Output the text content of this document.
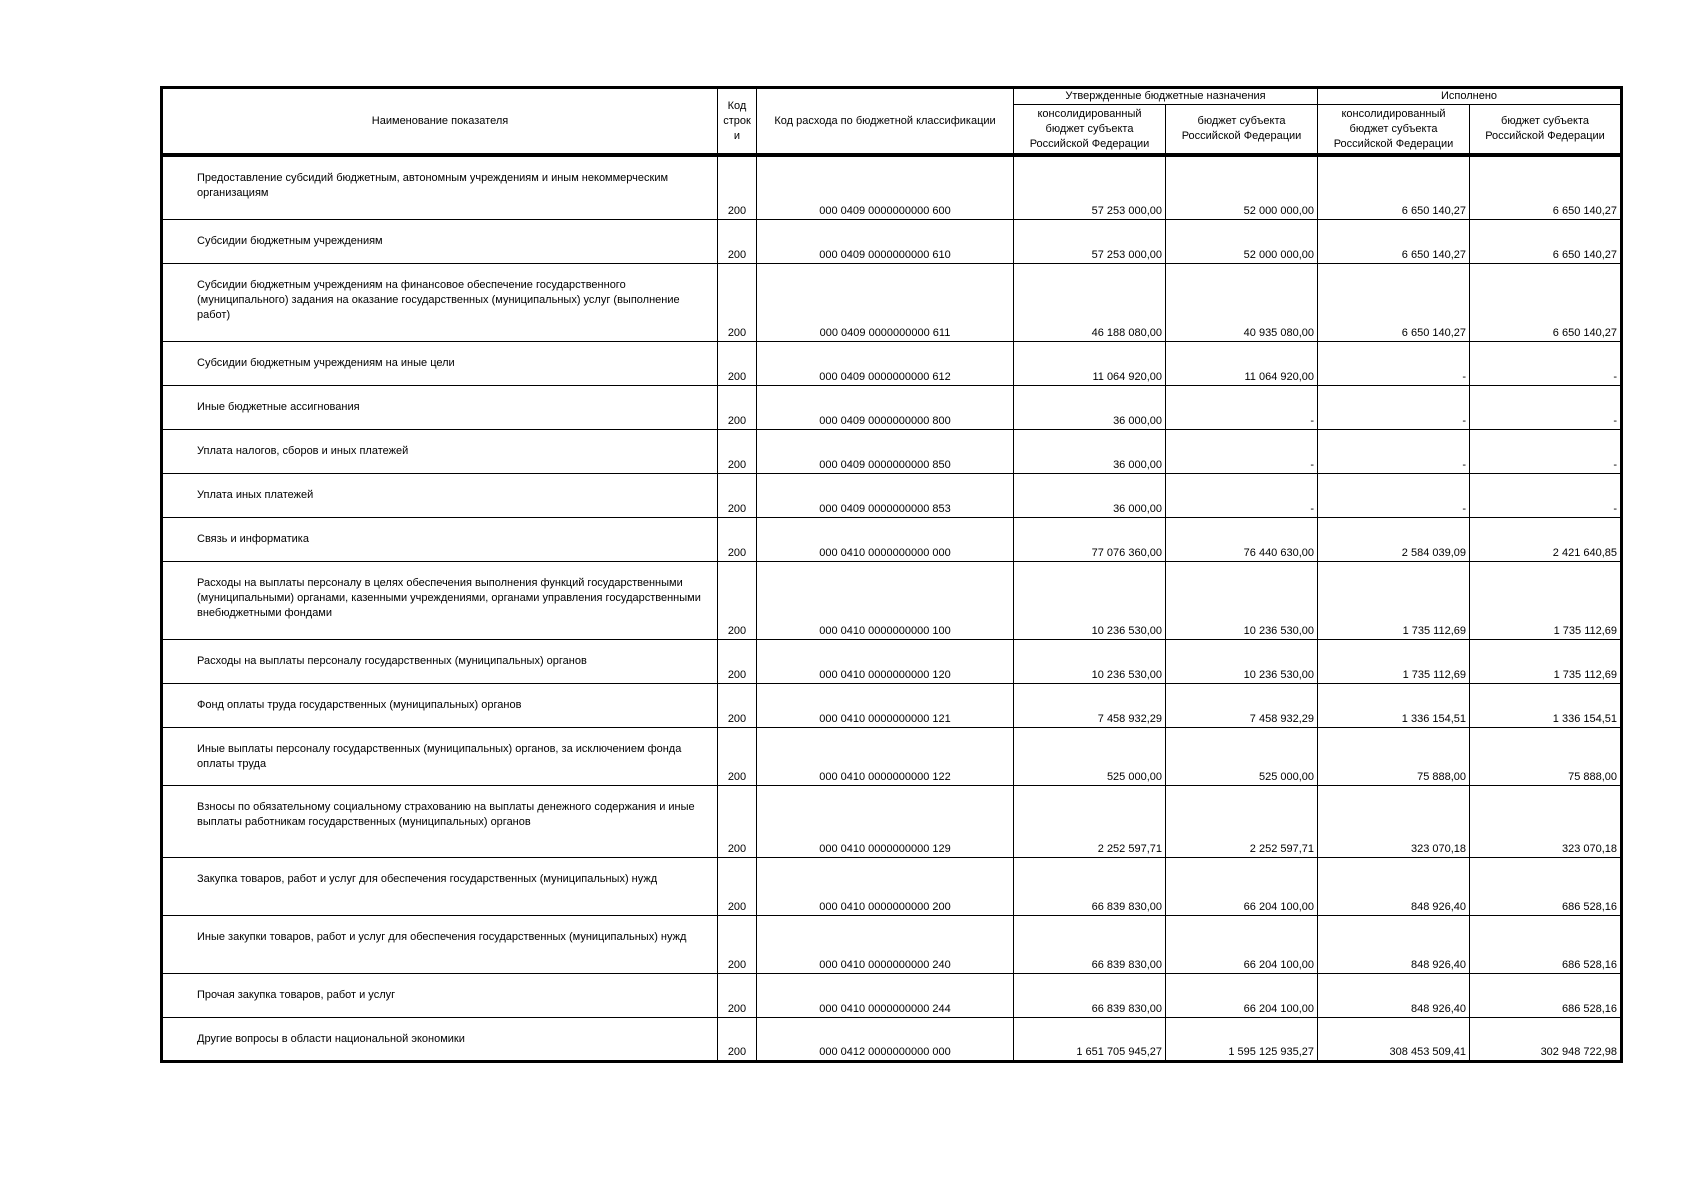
Наименование показателя	Код строк и	Код расхода по бюджетной классификации	Утвержденные бюджетные назначения		Исполнено	
			консолидированный бюджет субъекта Российской Федерации	бюджет субъекта Российской Федерации	консолидированный бюджет субъекта Российской Федерации	бюджет субъекта Российской Федерации

Предоставление субсидий бюджетным, автономным учреждениям и иным некоммерческим организациям	200	000 0409 0000000000 600	57 253 000,00	52 000 000,00	6 650 140,27	6 650 140,27

Субсидии бюджетным учреждениям	200	000 0409 0000000000 610	57 253 000,00	52 000 000,00	6 650 140,27	6 650 140,27

Субсидии бюджетным учреждениям на финансовое обеспечение государственного (муниципального) задания на оказание государственных (муниципальных) услуг (выполнение работ)	200	000 0409 0000000000 611	46 188 080,00	40 935 080,00	6 650 140,27	6 650 140,27

Субсидии бюджетным учреждениям на иные цели	200	000 0409 0000000000 612	11 064 920,00	11 064 920,00	-	-

Иные бюджетные ассигнования	200	000 0409 0000000000 800	36 000,00	-	-	-

Уплата налогов, сборов и иных платежей	200	000 0409 0000000000 850	36 000,00	-	-	-

Уплата иных платежей	200	000 0409 0000000000 853	36 000,00	-	-	-

Связь и информатика	200	000 0410 0000000000 000	77 076 360,00	76 440 630,00	2 584 039,09	2 421 640,85

Расходы на выплаты персоналу в целях обеспечения выполнения функций государственными (муниципальными) органами, казенными учреждениями, органами управления государственными внебюджетными фондами	200	000 0410 0000000000 100	10 236 530,00	10 236 530,00	1 735 112,69	1 735 112,69

Расходы на выплаты персоналу государственных (муниципальных) органов	200	000 0410 0000000000 120	10 236 530,00	10 236 530,00	1 735 112,69	1 735 112,69

Фонд оплаты труда государственных (муниципальных) органов	200	000 0410 0000000000 121	7 458 932,29	7 458 932,29	1 336 154,51	1 336 154,51

Иные выплаты персоналу государственных (муниципальных) органов, за исключением фонда оплаты труда	200	000 0410 0000000000 122	525 000,00	525 000,00	75 888,00	75 888,00

Взносы по обязательному социальному страхованию на выплаты денежного содержания и иные выплаты работникам государственных (муниципальных) органов	200	000 0410 0000000000 129	2 252 597,71	2 252 597,71	323 070,18	323 070,18

Закупка товаров, работ и услуг для обеспечения государственных (муниципальных) нужд	200	000 0410 0000000000 200	66 839 830,00	66 204 100,00	848 926,40	686 528,16

Иные закупки товаров, работ и услуг для обеспечения государственных (муниципальных) нужд	200	000 0410 0000000000 240	66 839 830,00	66 204 100,00	848 926,40	686 528,16

Прочая закупка товаров, работ и услуг	200	000 0410 0000000000 244	66 839 830,00	66 204 100,00	848 926,40	686 528,16

Другие вопросы в области национальной экономики	200	000 0412 0000000000 000	1 651 705 945,27	1 595 125 935,27	308 453 509,41	302 948 722,98
